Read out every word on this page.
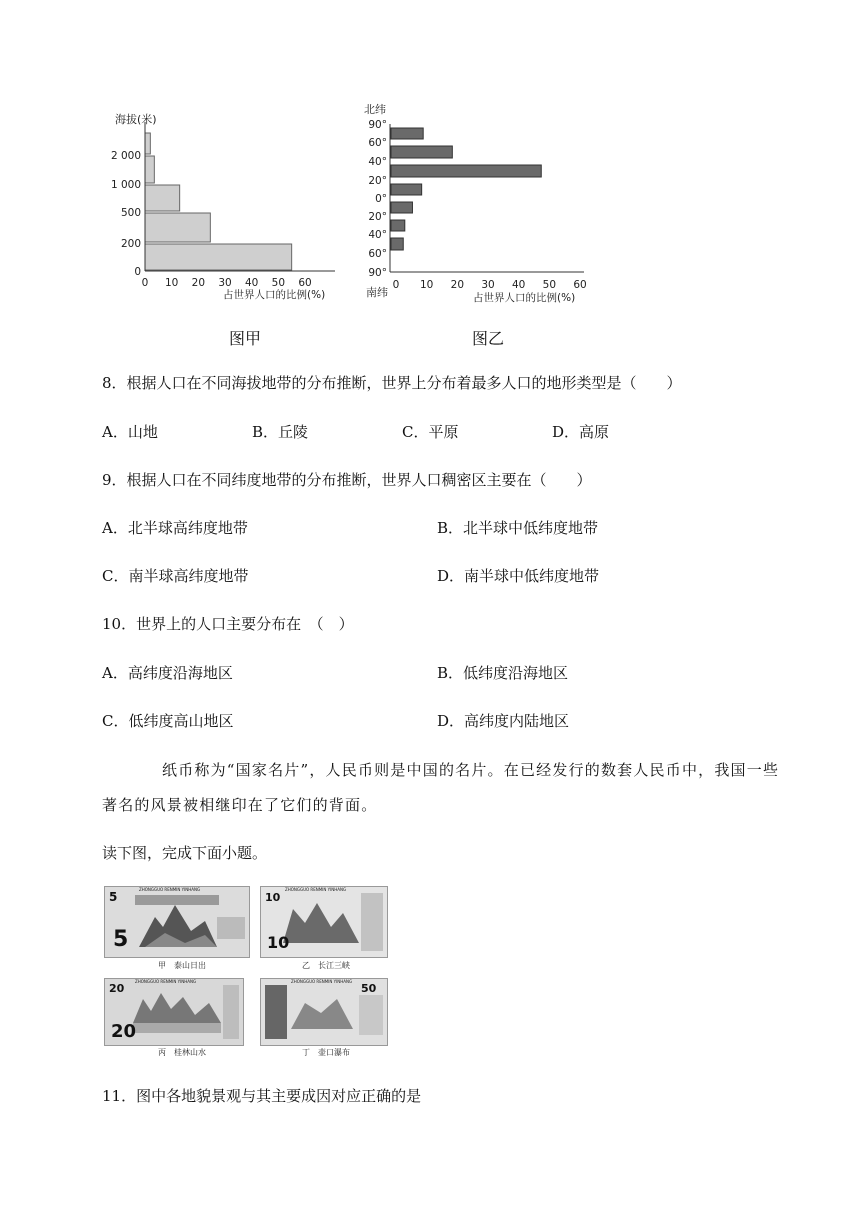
海拔(米)
0
200
500
1 000
2 000
0 10 20 30 40 50 60
占世界人口的比例(%)
北纬
90°
60°
40°
20°
0°
20°
40°
60°
90°
南纬
0 10 20 30 40 50 60
占世界人口的比例(%)
图甲	图乙
8．根据人口在不同海拔地带的分布推断，世界上分布着最多人口的地形类型是（　　）
A．山地	B．丘陵	C．平原	D．高原
9．根据人口在不同纬度地带的分布推断，世界人口稠密区主要在（　　）
A．北半球高纬度地带	B．北半球中低纬度地带
C．南半球高纬度地带	D．南半球中低纬度地带
10．世界上的人口主要分布在　（　）
A．高纬度沿海地区	B．低纬度沿海地区
C．低纬度高山地区	D．高纬度内陆地区
纸币称为“国家名片”，人民币则是中国的名片。在已经发行的数套人民币中，我国一些
著名的风景被相继印在了它们的背面。
读下图，完成下面小题。
5
5
ZHONGGUO RENMIN YINHANG
甲　泰山日出
10
10
ZHONGGUO RENMIN YINHANG
乙　长江三峡
20
20
ZHONGGUO RENMIN YINHANG
丙　桂林山水
50
ZHONGGUO RENMIN YINHANG
丁　壶口瀑布
11．图中各地貌景观与其主要成因对应正确的是
